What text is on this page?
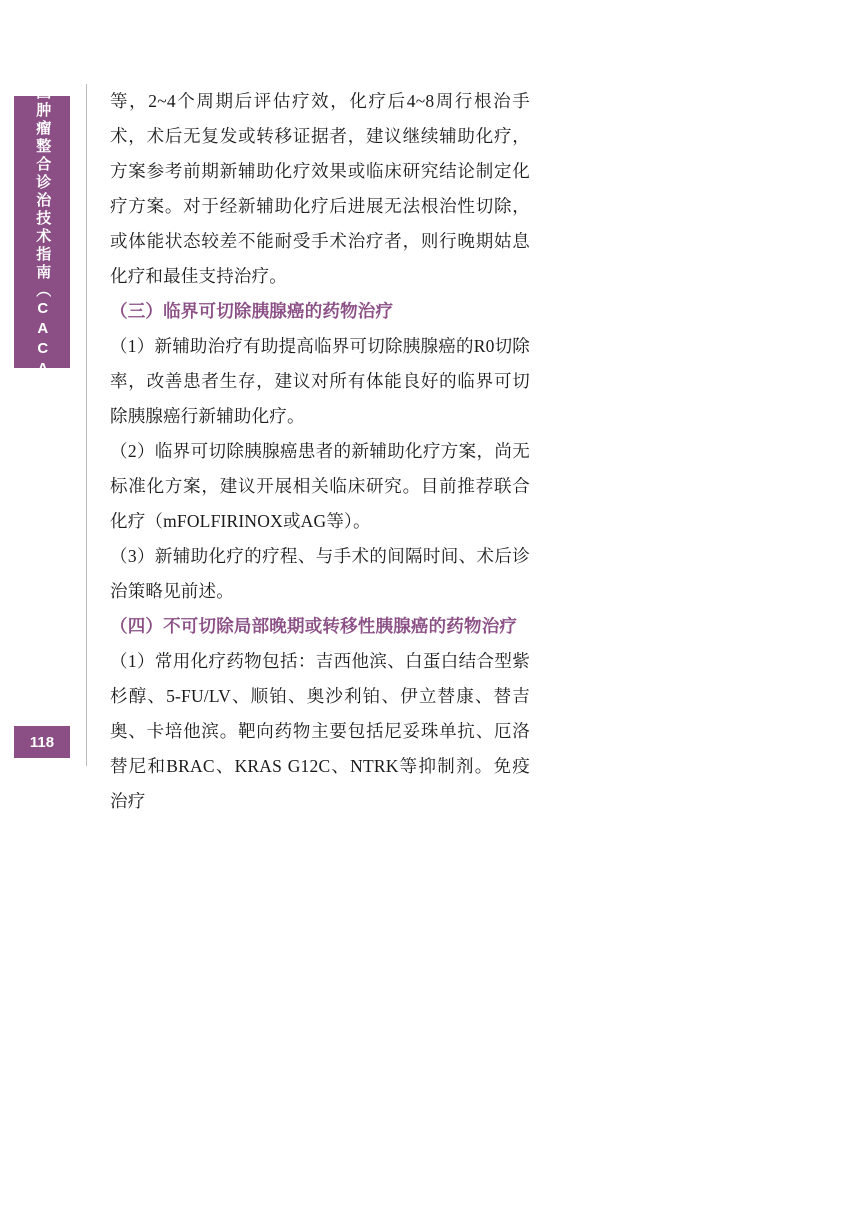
中国肿瘤整合诊治技术指南（CACA）
118

等，2~4个周期后评估疗效，化疗后4~8周行根治手术，术后无复发或转移证据者，建议继续辅助化疗，方案参考前期新辅助化疗效果或临床研究结论制定化疗方案。对于经新辅助化疗后进展无法根治性切除，或体能状态较差不能耐受手术治疗者，则行晚期姑息化疗和最佳支持治疗。

（三）临界可切除胰腺癌的药物治疗

（1）新辅助治疗有助提高临界可切除胰腺癌的R0切除率，改善患者生存，建议对所有体能良好的临界可切除胰腺癌行新辅助化疗。

（2）临界可切除胰腺癌患者的新辅助化疗方案，尚无标准化方案，建议开展相关临床研究。目前推荐联合化疗（mFOLFIRINOX或AG等）。

（3）新辅助化疗的疗程、与手术的间隔时间、术后诊治策略见前述。

（四）不可切除局部晚期或转移性胰腺癌的药物治疗

（1）常用化疗药物包括：吉西他滨、白蛋白结合型紫杉醇、5-FU/LV、顺铂、奥沙利铂、伊立替康、替吉奥、卡培他滨。靶向药物主要包括尼妥珠单抗、厄洛替尼和BRAC、KRAS G12C、NTRK等抑制剂。免疫治疗
